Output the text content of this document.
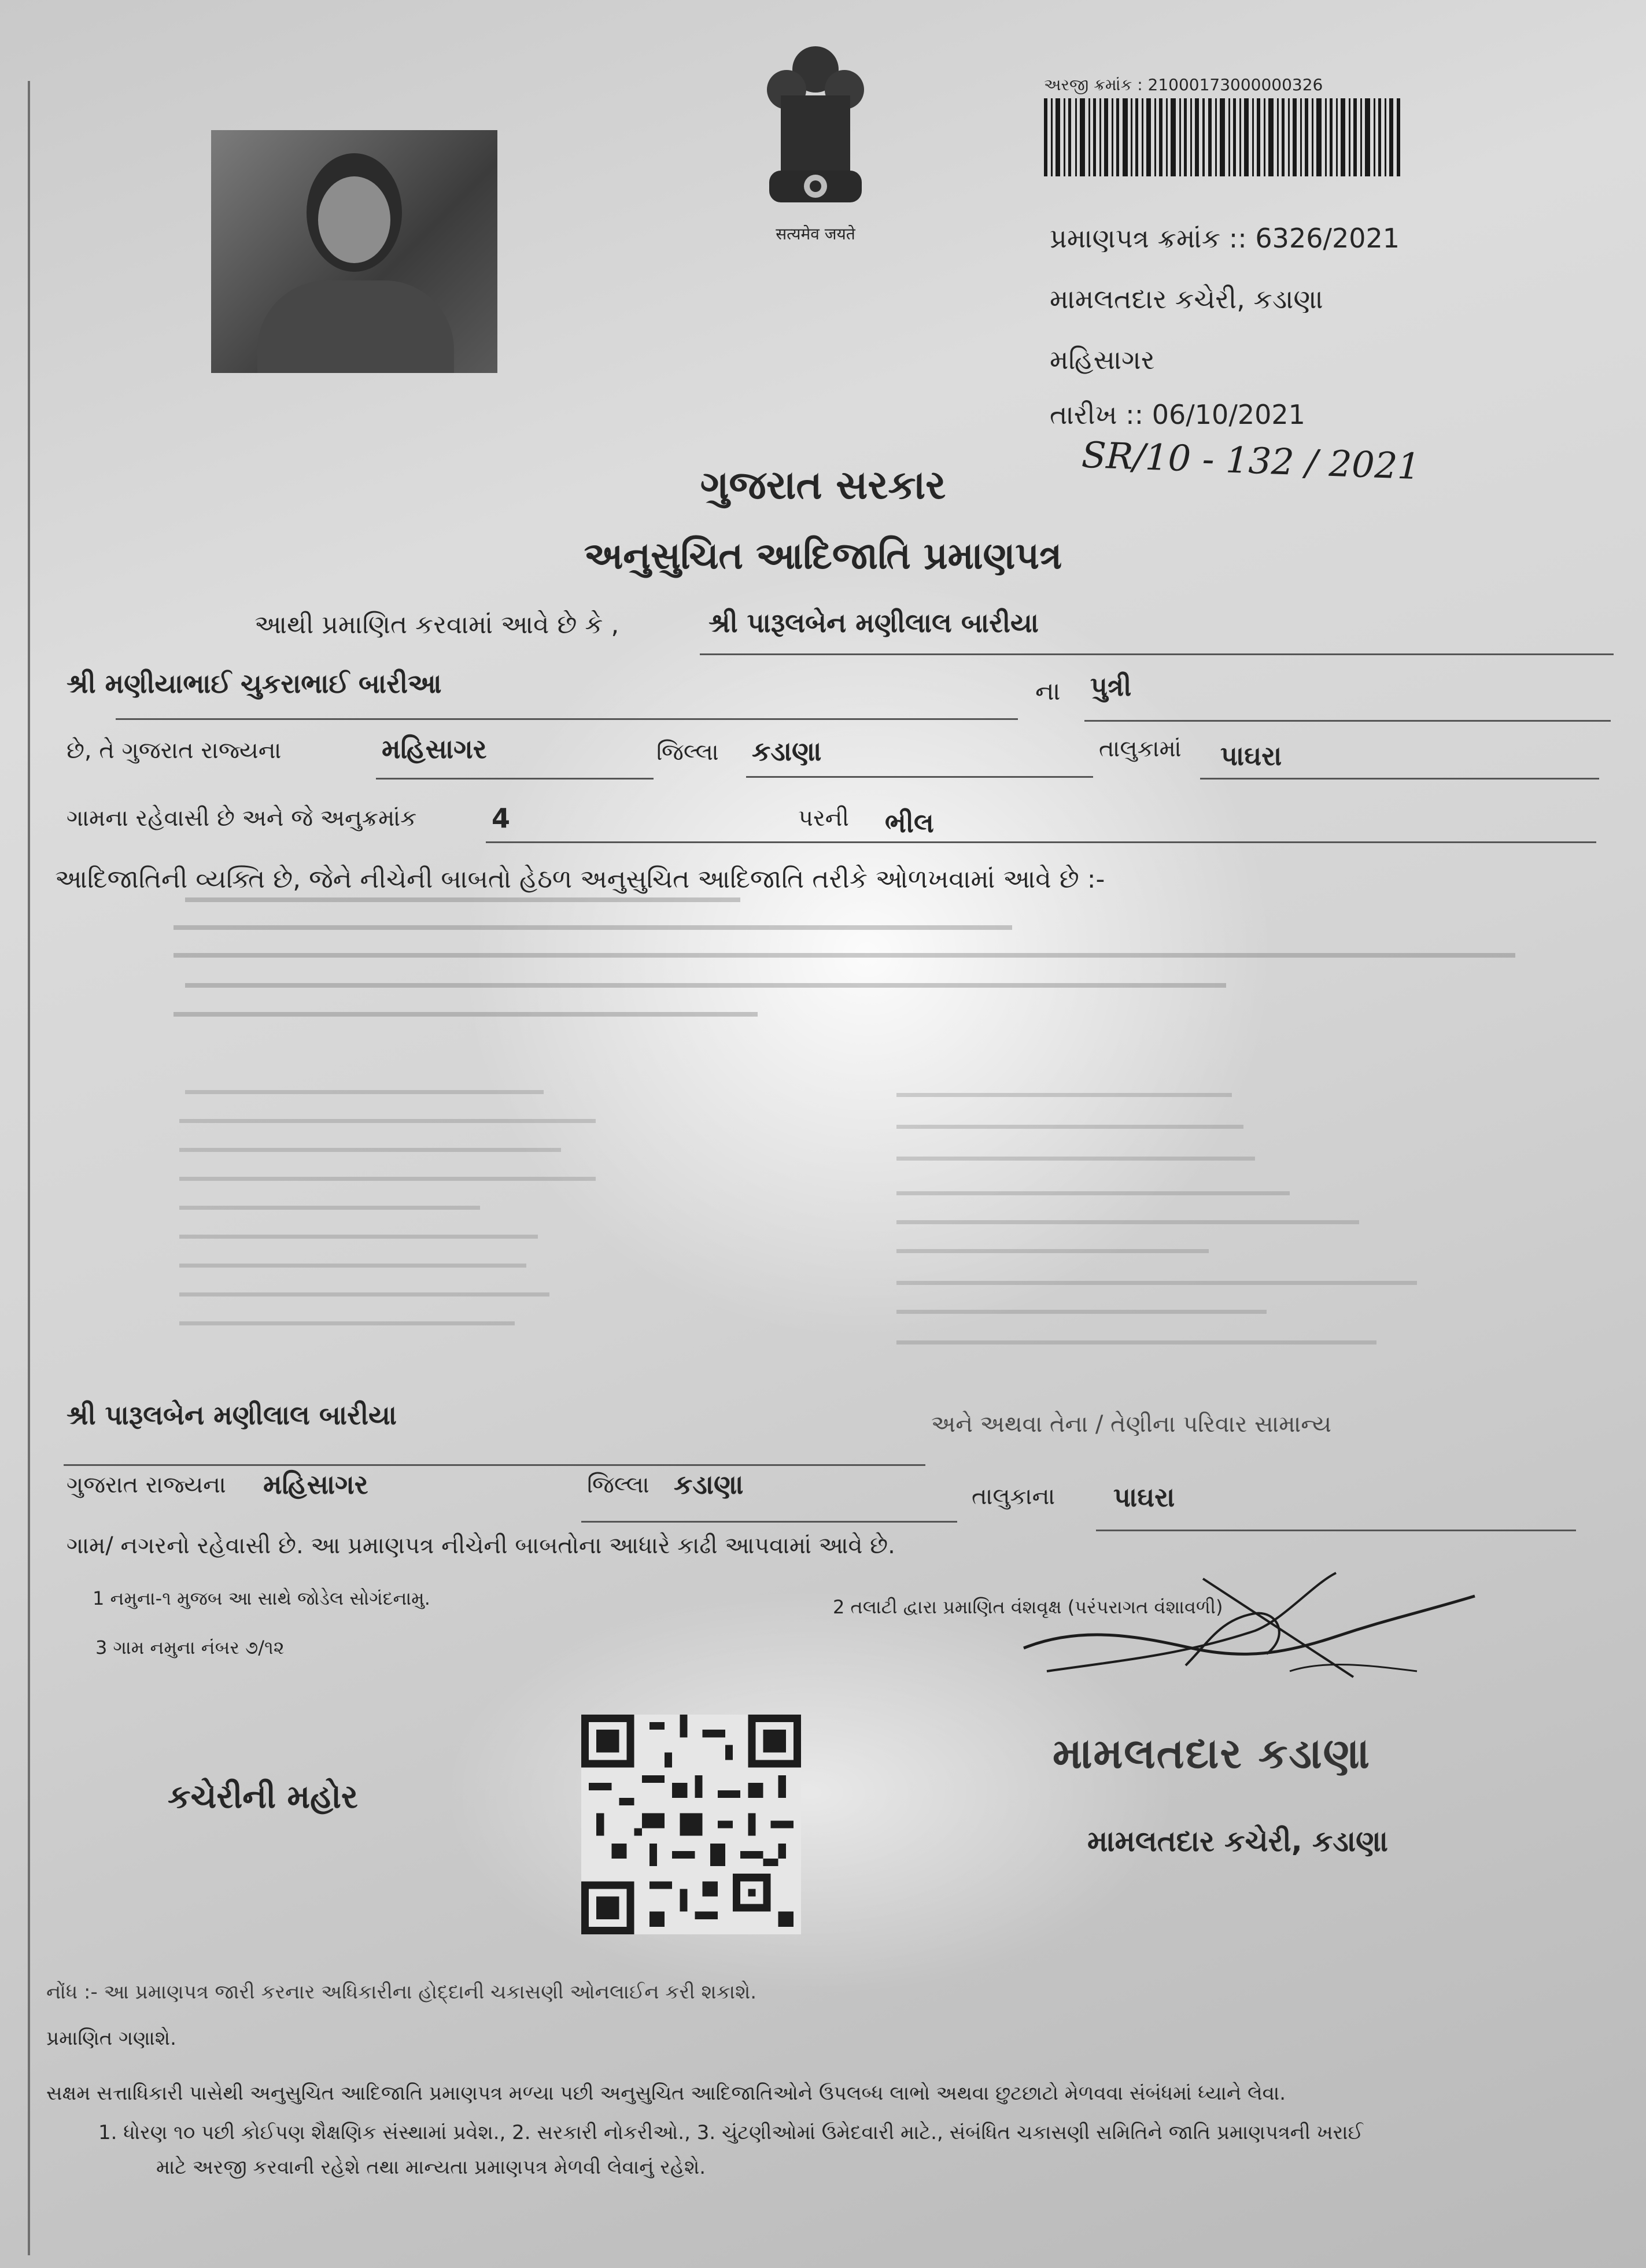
सत्यमेव जयते
અરજી ક્રમાંક : 21000173000000326
પ્રમાણપત્ર ક્રમાંક :: 6326/2021
મામલતદાર કચેરી, કડાણા
મહિસાગર
તારીખ :: 06/10/2021
SR/10 - 132 / 2021
ગુજરાત સરકાર
અનુસુચિત આદિજાતિ પ્રમાણપત્ર
આથી પ્રમાણિત કરવામાં આવે છે કે ,	શ્રી પારૂલબેન મણીલાલ બારીયા
શ્રી મણીયાભાઈ ચુકરાભાઈ બારીઆ	ના પુત્રી
છે, તે ગુજરાત રાજ્યના	મહિસાગર	જિલ્લા કડાણા	તાલુકામાં પાઘરા
ગામના રહેવાસી છે અને જે અનુક્રમાંક	4	પરની ભીલ
આદિજાતિની વ્યક્તિ છે, જેને નીચેની બાબતો હેઠળ અનુસુચિત આદિજાતિ તરીકે ઓળખવામાં આવે છે :-
શ્રી પારૂલબેન મણીલાલ બારીયા	અને અથવા તેના / તેણીના પરિવાર સામાન્ય
ગુજરાત રાજ્યના મહિસાગર	જિલ્લા કડાણા	તાલુકાના પાઘરા
ગામ/ નગરનો રહેવાસી છે. આ પ્રમાણપત્ર નીચેની બાબતોના આધારે કાઢી આપવામાં આવે છે.
1 નમુના-૧ મુજબ આ સાથે જોડેલ સોગંદનામુ.	2 તલાટી દ્વારા પ્રમાણિત વંશવૃક્ષ (પરંપરાગત વંશાવળી)
3 ગામ નમુના નંબર ૭/૧૨
કચેરીની મહોર
મામલતદાર કડાણા
મામલતદાર કચેરી, કડાણા
નોંધ :- આ પ્રમાણપત્ર જારી કરનાર અધિકારીના હોદ્દાની ચકાસણી ઓનલાઈન કરી શકાશે.
પ્રમાણિત ગણાશે.
સક્ષમ સત્તાધિકારી પાસેથી અનુસુચિત આદિજાતિ પ્રમાણપત્ર મળ્યા પછી અનુસુચિત આદિજાતિઓને ઉપલબ્ધ લાભો અથવા છુટછાટો મેળવવા સંબંધમાં ધ્યાને લેવા.
1. ધોરણ ૧૦ પછી કોઈપણ શૈક્ષણિક સંસ્થામાં પ્રવેશ., 2. સરકારી નોકરીઓ., 3. ચુંટણીઓમાં ઉમેદવારી માટે., સંબંધિત ચકાસણી સમિતિને જાતિ પ્રમાણપત્રની ખરાઈ
માટે અરજી કરવાની રહેશે તથા માન્યતા પ્રમાણપત્ર મેળવી લેવાનું રહેશે.
